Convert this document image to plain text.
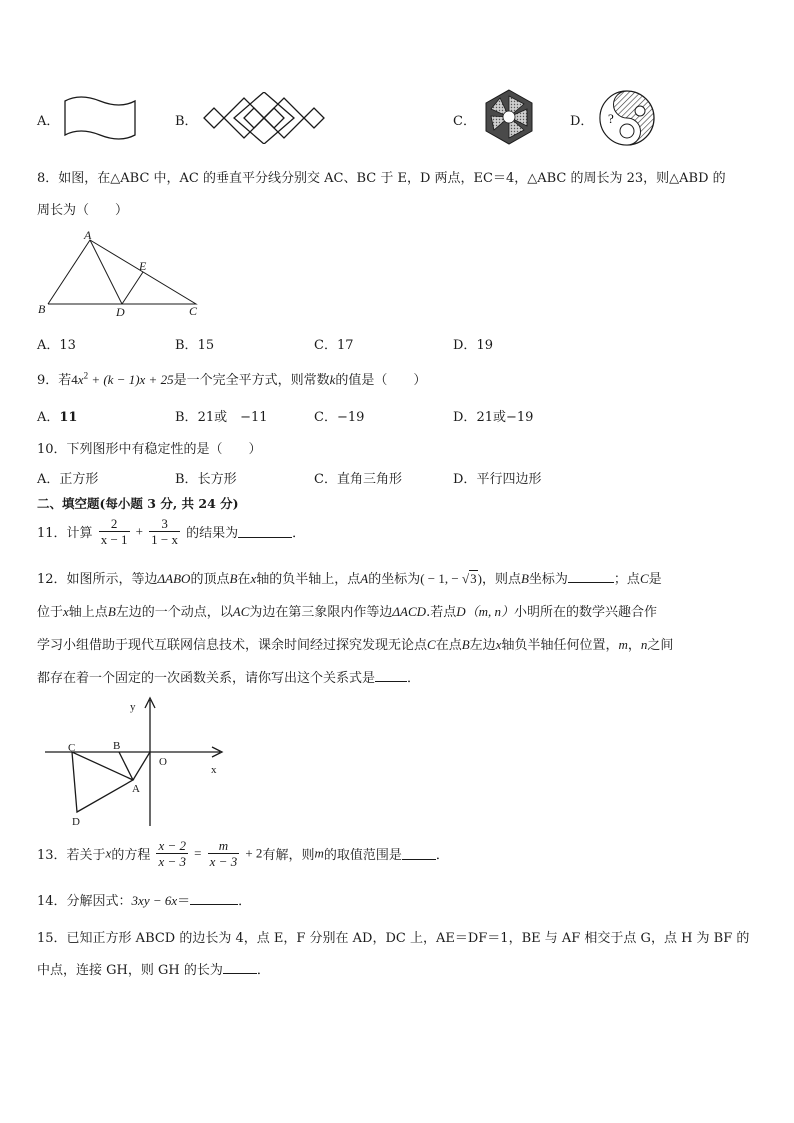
A．	B．	C．	D． ?
8．如图，在△ABC 中，AC 的垂直平分线分别交 AC、BC 于 E，D 两点，EC＝4，△ABC 的周长为 23，则△ABD 的
周长为（　　）
A
B	C
D
E
A．13	B．15	C．17	D．19
9．若$4x^2 + (k - 1)x + 25$是一个完全平方式，则常数k的值是（　　）
A．11	B．21或　−11	C．−19	D．21或−19
10．下列图形中有稳定性的是（　　）
A．正方形	B．长方形	C．直角三角形	D．平行四边形
二、填空题(每小题 3 分, 共 24 分)
11．计算 $\frac{2}{x - 1} + \frac{3}{1 - x}$ 的结果为	．
12．如图所示，等边ΔABO的顶点B在x轴的负半轴上，点A的坐标为( − 1, − √3)，则点B坐标为	；点C是
位于x轴上点B左边的一个动点，以AC为边在第三象限内作等边ΔACD.若点D（m, n）小明所在的数学兴趣合作
学习小组借助于现代互联网信息技术，课余时间经过探究发现无论点C在点B左边x轴负半轴任何位置，m，n之间
都存在着一个固定的一次函数关系，请你写出这个关系式是 ．
y
x
O
A
B
C
D
13．若关于x的方程 $\frac{x - 2}{x - 3} = \frac{m}{x - 3} + 2$有解，则m的取值范围是	．
14．分解因式：3xy − 6x＝	．
15．已知正方形 ABCD 的边长为 4，点 E，F 分别在 AD，DC 上，AE＝DF＝1，BE 与 AF 相交于点 G，点 H 为 BF 的
中点，连接 GH，则 GH 的长为	．
